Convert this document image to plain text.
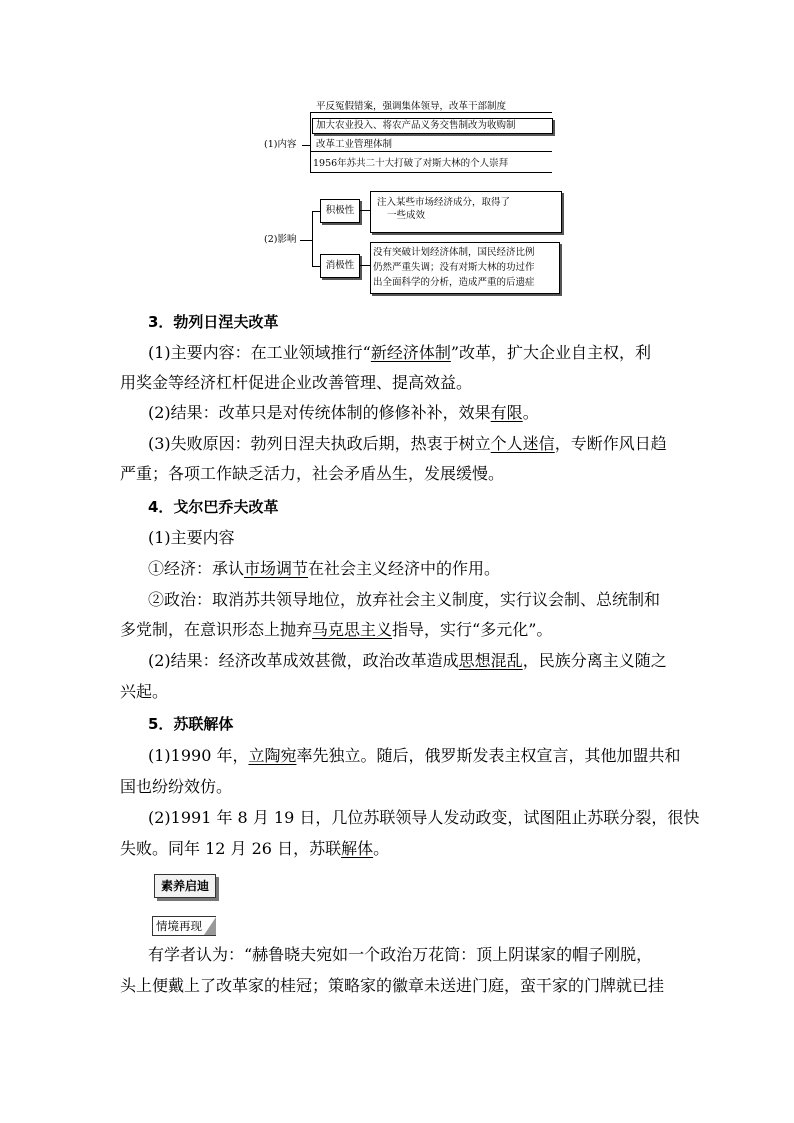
(1)内容
平反冤假错案，强调集体领导，改革干部制度
加大农业投入、将农产品义务交售制改为收购制
改革工业管理体制
1956年苏共二十大打破了对斯大林的个人崇拜
(2)影响
积极性
注入某些市场经济成分，取得了
一些成效
消极性
没有突破计划经济体制，国民经济比例
仍然严重失调；没有对斯大林的功过作
出全面科学的分析，造成严重的后遗症
3．勃列日涅夫改革
(1)主要内容：在工业领域推行“新经济体制”改革，扩大企业自主权，利
用奖金等经济杠杆促进企业改善管理、提高效益。
(2)结果：改革只是对传统体制的修修补补，效果有限。
(3)失败原因：勃列日涅夫执政后期，热衷于树立个人迷信，专断作风日趋
严重；各项工作缺乏活力，社会矛盾丛生，发展缓慢。
4．戈尔巴乔夫改革
(1)主要内容
①经济：承认市场调节在社会主义经济中的作用。
②政治：取消苏共领导地位，放弃社会主义制度，实行议会制、总统制和
多党制，在意识形态上抛弃马克思主义指导，实行“多元化”。
(2)结果：经济改革成效甚微，政治改革造成思想混乱，民族分离主义随之
兴起。
5．苏联解体
(1)1990 年，立陶宛率先独立。随后，俄罗斯发表主权宣言，其他加盟共和
国也纷纷效仿。
(2)1991 年 8 月 19 日，几位苏联领导人发动政变，试图阻止苏联分裂，很快
失败。同年 12 月 26 日，苏联解体。
素养启迪
情境再现
有学者认为：“赫鲁晓夫宛如一个政治万花筒：顶上阴谋家的帽子刚脱，
头上便戴上了改革家的桂冠；策略家的徽章未送进门庭，蛮干家的门牌就已挂
